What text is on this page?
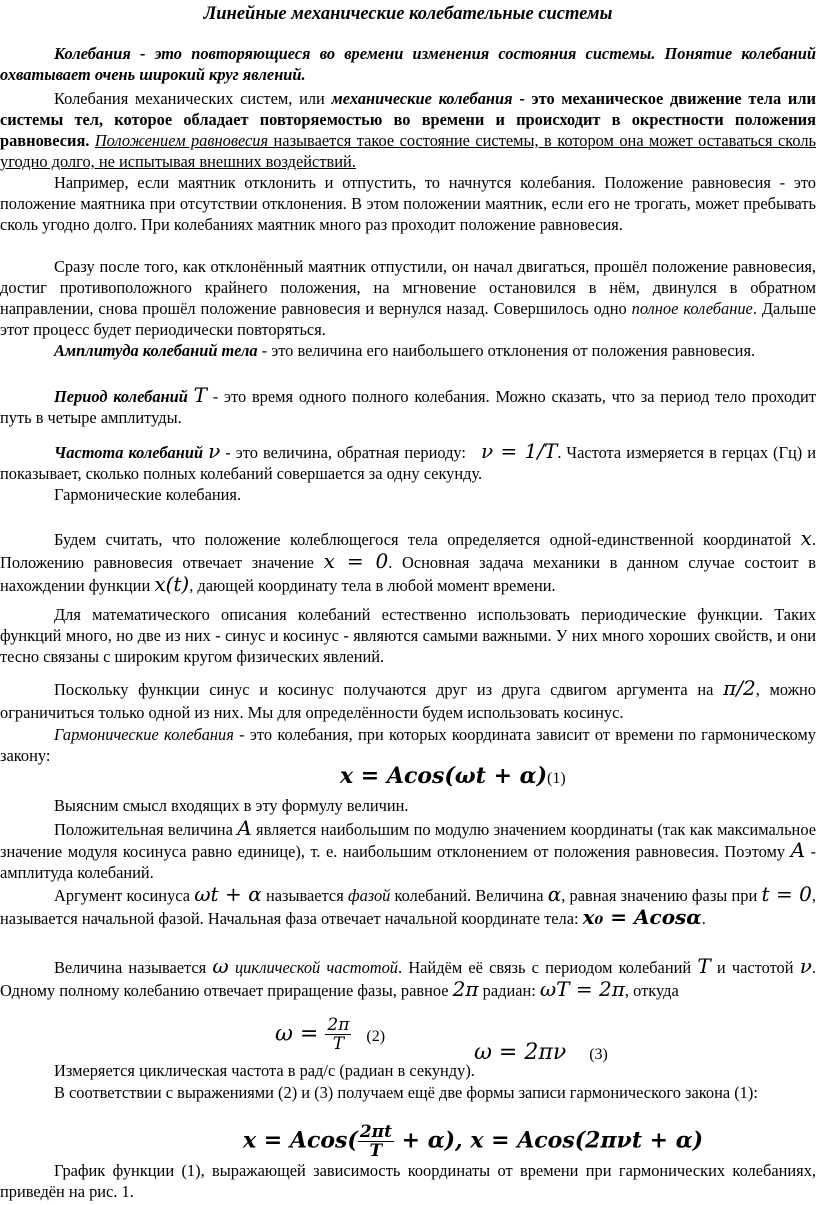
Линейные механические колебательные системы

Колебания - это повторяющиеся во времени изменения состояния системы. Понятие колебаний охватывает очень широкий круг явлений.

Колебания механических систем, или механические колебания - это механическое движение тела или системы тел, которое обладает повторяемостью во времени и происходит в окрестности положения равновесия. Положением равновесия называется такое состояние системы, в котором она может оставаться сколь угодно долго, не испытывая внешних воздействий.

Например, если маятник отклонить и отпустить, то начнутся колебания. Положение равновесия - это положение маятника при отсутствии отклонения. В этом положении маятник, если его не трогать, может пребывать сколь угодно долго. При колебаниях маятник много раз проходит положение равновесия.

Сразу после того, как отклонённый маятник отпустили, он начал двигаться, прошёл положение равновесия, достиг противоположного крайнего положения, на мгновение остановился в нём, двинулся в обратном направлении, снова прошёл положение равновесия и вернулся назад. Совершилось одно полное колебание. Дальше этот процесс будет периодически повторяться.

Амплитуда колебаний тела - это величина его наибольшего отклонения от положения равновесия.

Период колебаний T - это время одного полного колебания. Можно сказать, что за период тело проходит путь в четыре амплитуды.

Частота колебаний ν - это величина, обратная периоду: ν = 1/T. Частота измеряется в герцах (Гц) и показывает, сколько полных колебаний совершается за одну секунду.

Гармонические колебания.

Будем считать, что положение колеблющегося тела определяется одной-единственной координатой x. Положению равновесия отвечает значение x = 0. Основная задача механики в данном случае состоит в нахождении функции x(t), дающей координату тела в любой момент времени.

Для математического описания колебаний естественно использовать периодические функции. Таких функций много, но две из них - синус и косинус - являются самыми важными. У них много хороших свойств, и они тесно связаны с широким кругом физических явлений.

Поскольку функции синус и косинус получаются друг из друга сдвигом аргумента на π/2, можно ограничиться только одной из них. Мы для определённости будем использовать косинус.

Гармонические колебания - это колебания, при которых координата зависит от времени по гармоническому закону:

x = Acos(ωt + α)(1)

Выясним смысл входящих в эту формулу величин.

Положительная величина A является наибольшим по модулю значением координаты (так как максимальное значение модуля косинуса равно единице), т. е. наибольшим отклонением от положения равновесия. Поэтому A - амплитуда колебаний.

Аргумент косинуса ωt + α называется фазой колебаний. Величина α, равная значению фазы при t = 0, называется начальной фазой. Начальная фаза отвечает начальной координате тела: x₀ = Acosα.

Величина называется ω циклической частотой. Найдём её связь с периодом колебаний T и частотой ν. Одному полному колебанию отвечает приращение фазы, равное 2π радиан: ωT = 2π, откуда

$\omega = \frac{2\pi}{T} (2)$
ω = 2πν (3)

Измеряется циклическая частота в рад/с (радиан в секунду).

В соответствии с выражениями (2) и (3) получаем ещё две формы записи гармонического закона (1):

$x = Acos( \frac{2\pi t}{T} + \alpha)$, x = Acos(2πνt + α)

График функции (1), выражающей зависимость координаты от времени при гармонических колебаниях, приведён на рис. 1.
